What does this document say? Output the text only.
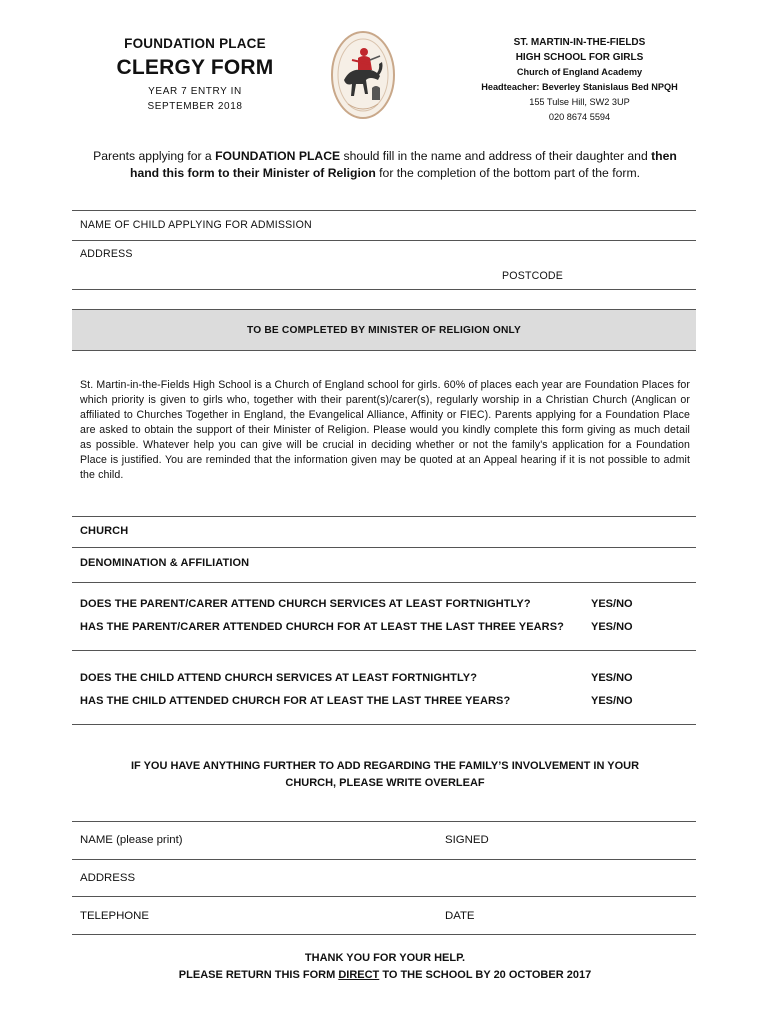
FOUNDATION PLACE
CLERGY FORM
YEAR 7 ENTRY IN
SEPTEMBER 2018
ST. MARTIN-IN-THE-FIELDS
HIGH SCHOOL FOR GIRLS
Church of England Academy
Headteacher: Beverley Stanislaus Bed NPQH
155 Tulse Hill, SW2 3UP
020 8674 5594
Parents applying for a FOUNDATION PLACE should fill in the name and address of their daughter and then hand this form to their Minister of Religion for the completion of the bottom part of the form.
NAME OF CHILD APPLYING FOR ADMISSION
ADDRESS
POSTCODE
TO BE COMPLETED BY MINISTER OF RELIGION ONLY
St. Martin-in-the-Fields High School is a Church of England school for girls. 60% of places each year are Foundation Places for which priority is given to girls who, together with their parent(s)/carer(s), regularly worship in a Christian Church (Anglican or affiliated to Churches Together in England, the Evangelical Alliance, Affinity or FIEC). Parents applying for a Foundation Place are asked to obtain the support of their Minister of Religion. Please would you kindly complete this form giving as much detail as possible. Whatever help you can give will be crucial in deciding whether or not the family's application for a Foundation Place is justified. You are reminded that the information given may be quoted at an Appeal hearing if it is not possible to admit the child.
CHURCH
DENOMINATION & AFFILIATION
DOES THE PARENT/CARER ATTEND CHURCH SERVICES AT LEAST FORTNIGHTLY?	YES/NO
HAS THE PARENT/CARER ATTENDED CHURCH FOR AT LEAST THE LAST THREE YEARS? YES/NO
DOES THE CHILD ATTEND CHURCH SERVICES AT LEAST FORTNIGHTLY?	YES/NO
HAS THE CHILD ATTENDED CHURCH FOR AT LEAST THE LAST THREE YEARS?	YES/NO
IF YOU HAVE ANYTHING FURTHER TO ADD REGARDING THE FAMILY’S INVOLVEMENT IN YOUR
CHURCH, PLEASE WRITE OVERLEAF
NAME (please print)	SIGNED
ADDRESS
TELEPHONE	DATE
THANK YOU FOR YOUR HELP.
PLEASE RETURN THIS FORM DIRECT TO THE SCHOOL BY 20 OCTOBER 2017
